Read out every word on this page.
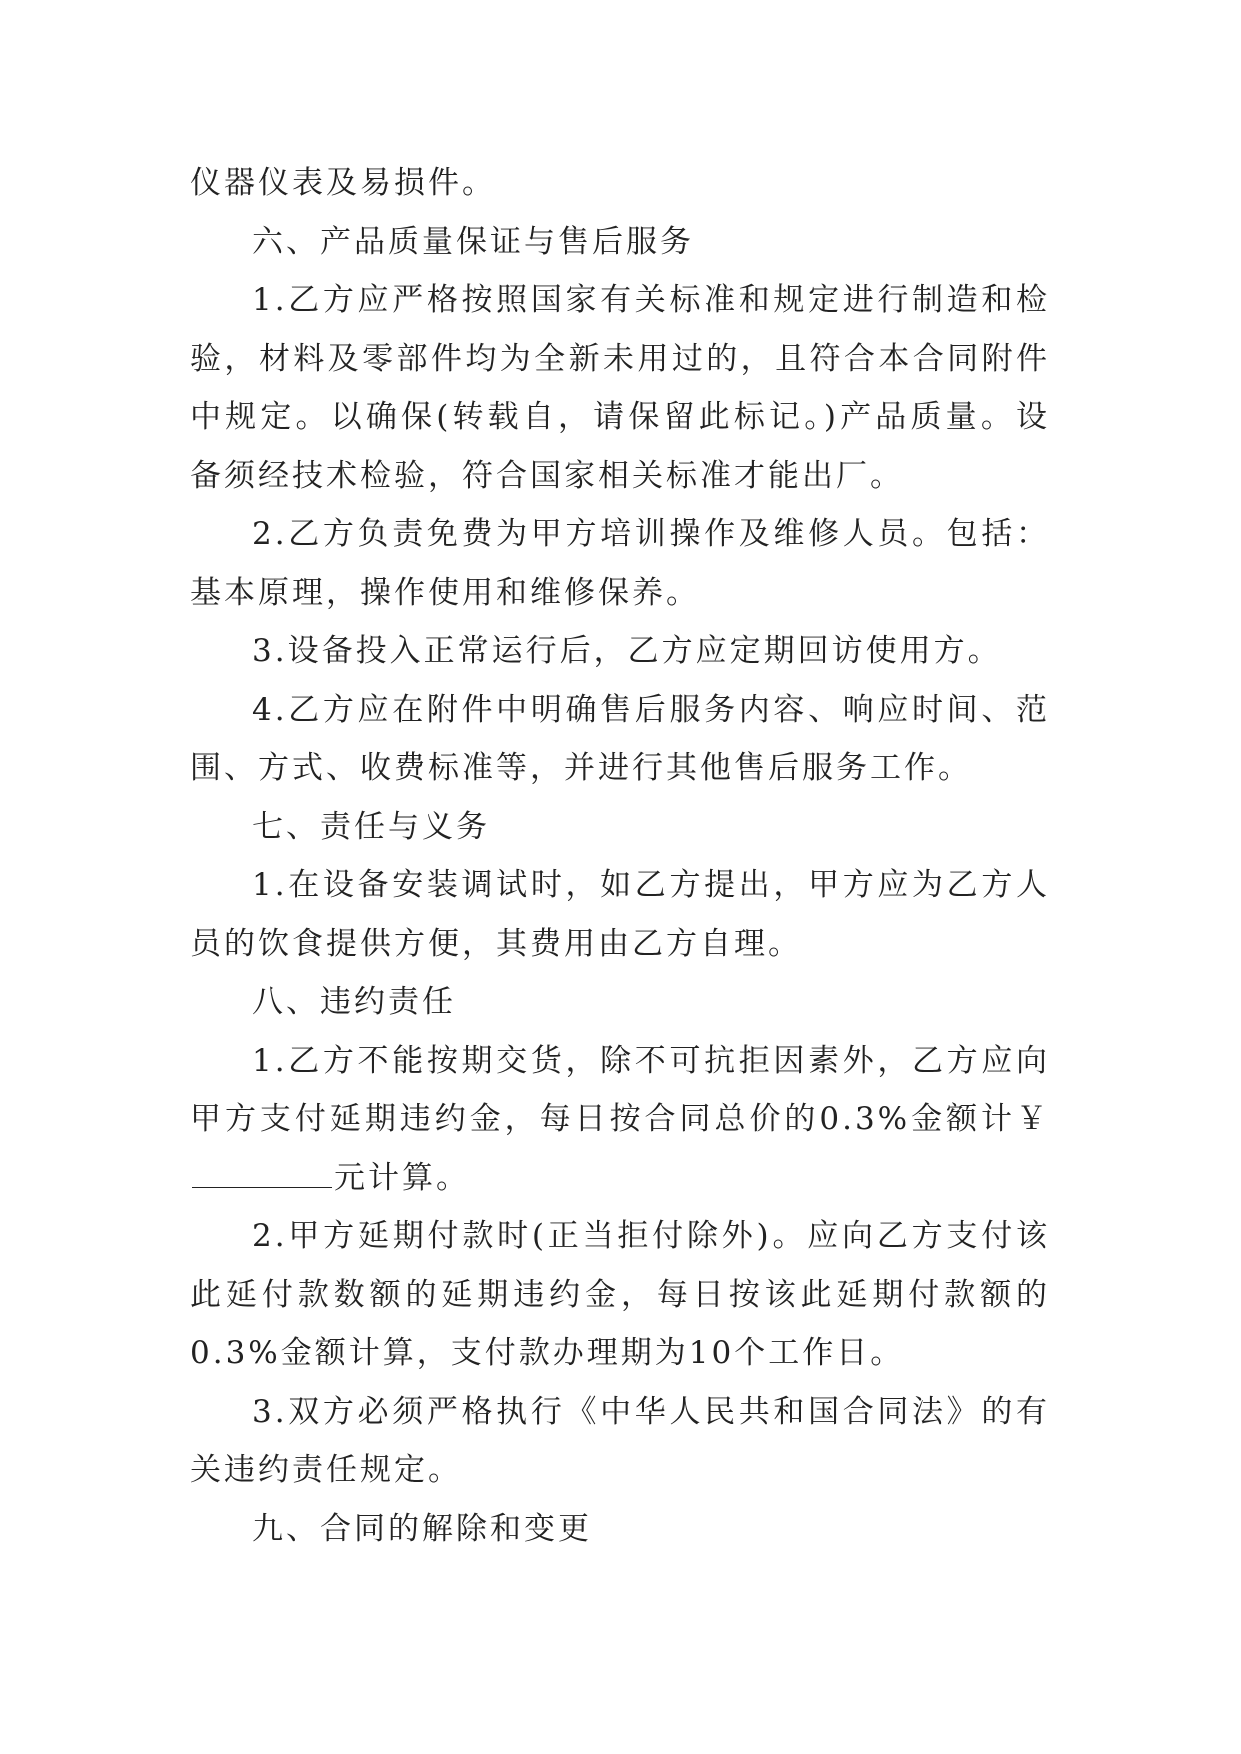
仪器仪表及易损件。

六、产品质量保证与售后服务

1.乙方应严格按照国家有关标准和规定进行制造和检验，材料及零部件均为全新未用过的，且符合本合同附件中规定。以确保(转载自，请保留此标记。)产品质量。设备须经技术检验，符合国家相关标准才能出厂。

2.乙方负责免费为甲方培训操作及维修人员。包括：基本原理，操作使用和维修保养。

3.设备投入正常运行后，乙方应定期回访使用方。

4.乙方应在附件中明确售后服务内容、响应时间、范围、方式、收费标准等，并进行其他售后服务工作。

七、责任与义务

1.在设备安装调试时，如乙方提出，甲方应为乙方人员的饮食提供方便，其费用由乙方自理。

八、违约责任

1.乙方不能按期交货，除不可抗拒因素外，乙方应向甲方支付延期违约金，每日按合同总价的0.3%金额计￥元计算。

2.甲方延期付款时(正当拒付除外)。应向乙方支付该此延付款数额的延期违约金，每日按该此延期付款额的0.3%金额计算，支付款办理期为10个工作日。

3.双方必须严格执行《中华人民共和国合同法》的有关违约责任规定。

九、合同的解除和变更
